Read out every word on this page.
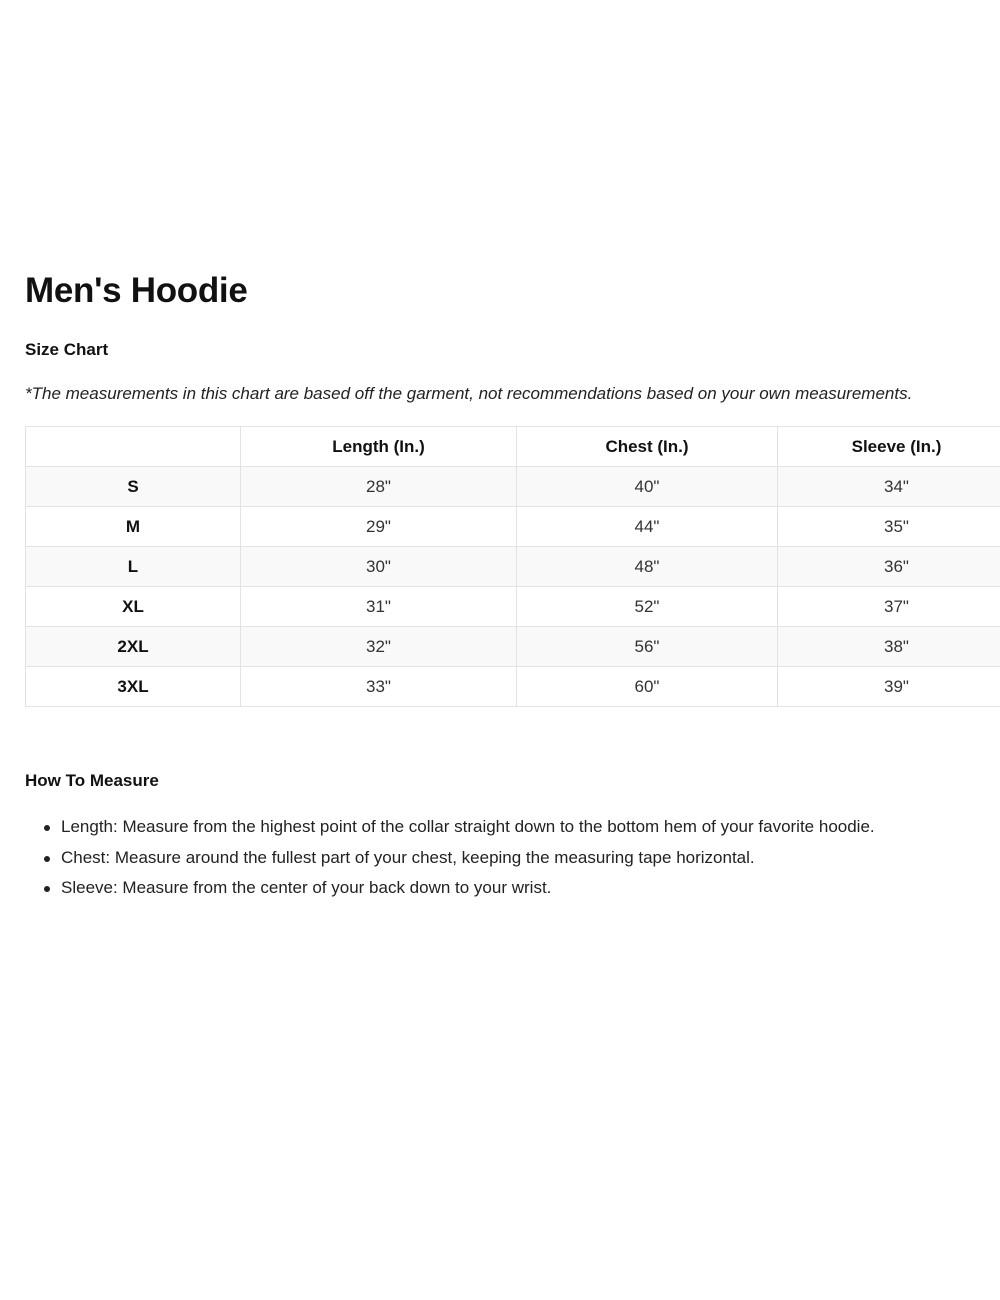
Men's Hoodie
Size Chart

*The measurements in this chart are based off the garment, not recommendations based on your own measurements.

	Length (In.)	Chest (In.)	Sleeve (In.)
S	28"	40"	34"
M	29"	44"	35"
L	30"	48"	36"
XL	31"	52"	37"
2XL	32"	56"	38"
3XL	33"	60"	39"
How To Measure
Length: Measure from the highest point of the collar straight down to the bottom hem of your favorite hoodie.
Chest: Measure around the fullest part of your chest, keeping the measuring tape horizontal.
Sleeve: Measure from the center of your back down to your wrist.
